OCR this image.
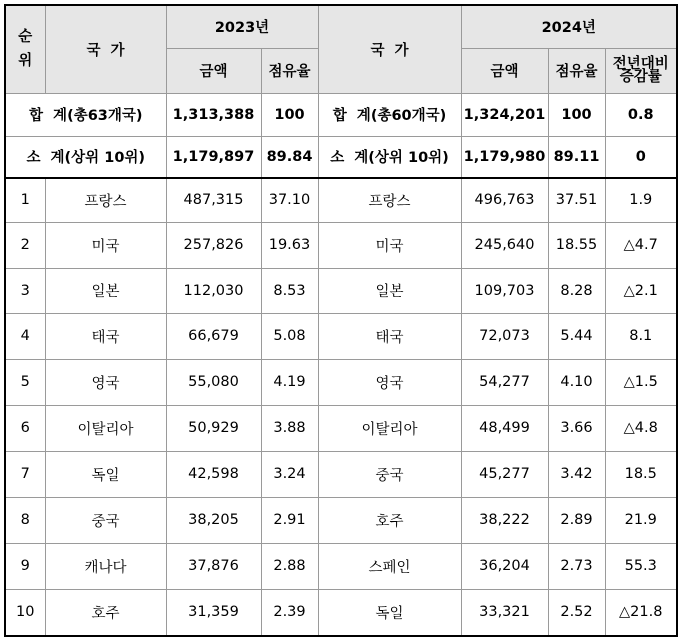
순
위	국  가	2023년		국  가	2024년		
		금액	점유율		금액	점유율	전년대비
증감률
합  계(총63개국)		1,313,388	100	합  계(총60개국)	1,324,201	100	0.8
소  계(상위 10위)		1,179,897	89.84	소  계(상위 10위)	1,179,980	89.11	0
1	프랑스	487,315	37.10	프랑스	496,763	37.51	1.9
2	미국	257,826	19.63	미국	245,640	18.55	△4.7
3	일본	112,030	8.53	일본	109,703	8.28	△2.1
4	태국	66,679	5.08	태국	72,073	5.44	8.1
5	영국	55,080	4.19	영국	54,277	4.10	△1.5
6	이탈리아	50,929	3.88	이탈리아	48,499	3.66	△4.8
7	독일	42,598	3.24	중국	45,277	3.42	18.5
8	중국	38,205	2.91	호주	38,222	2.89	21.9
9	캐나다	37,876	2.88	스페인	36,204	2.73	55.3
10	호주	31,359	2.39	독일	33,321	2.52	△21.8
